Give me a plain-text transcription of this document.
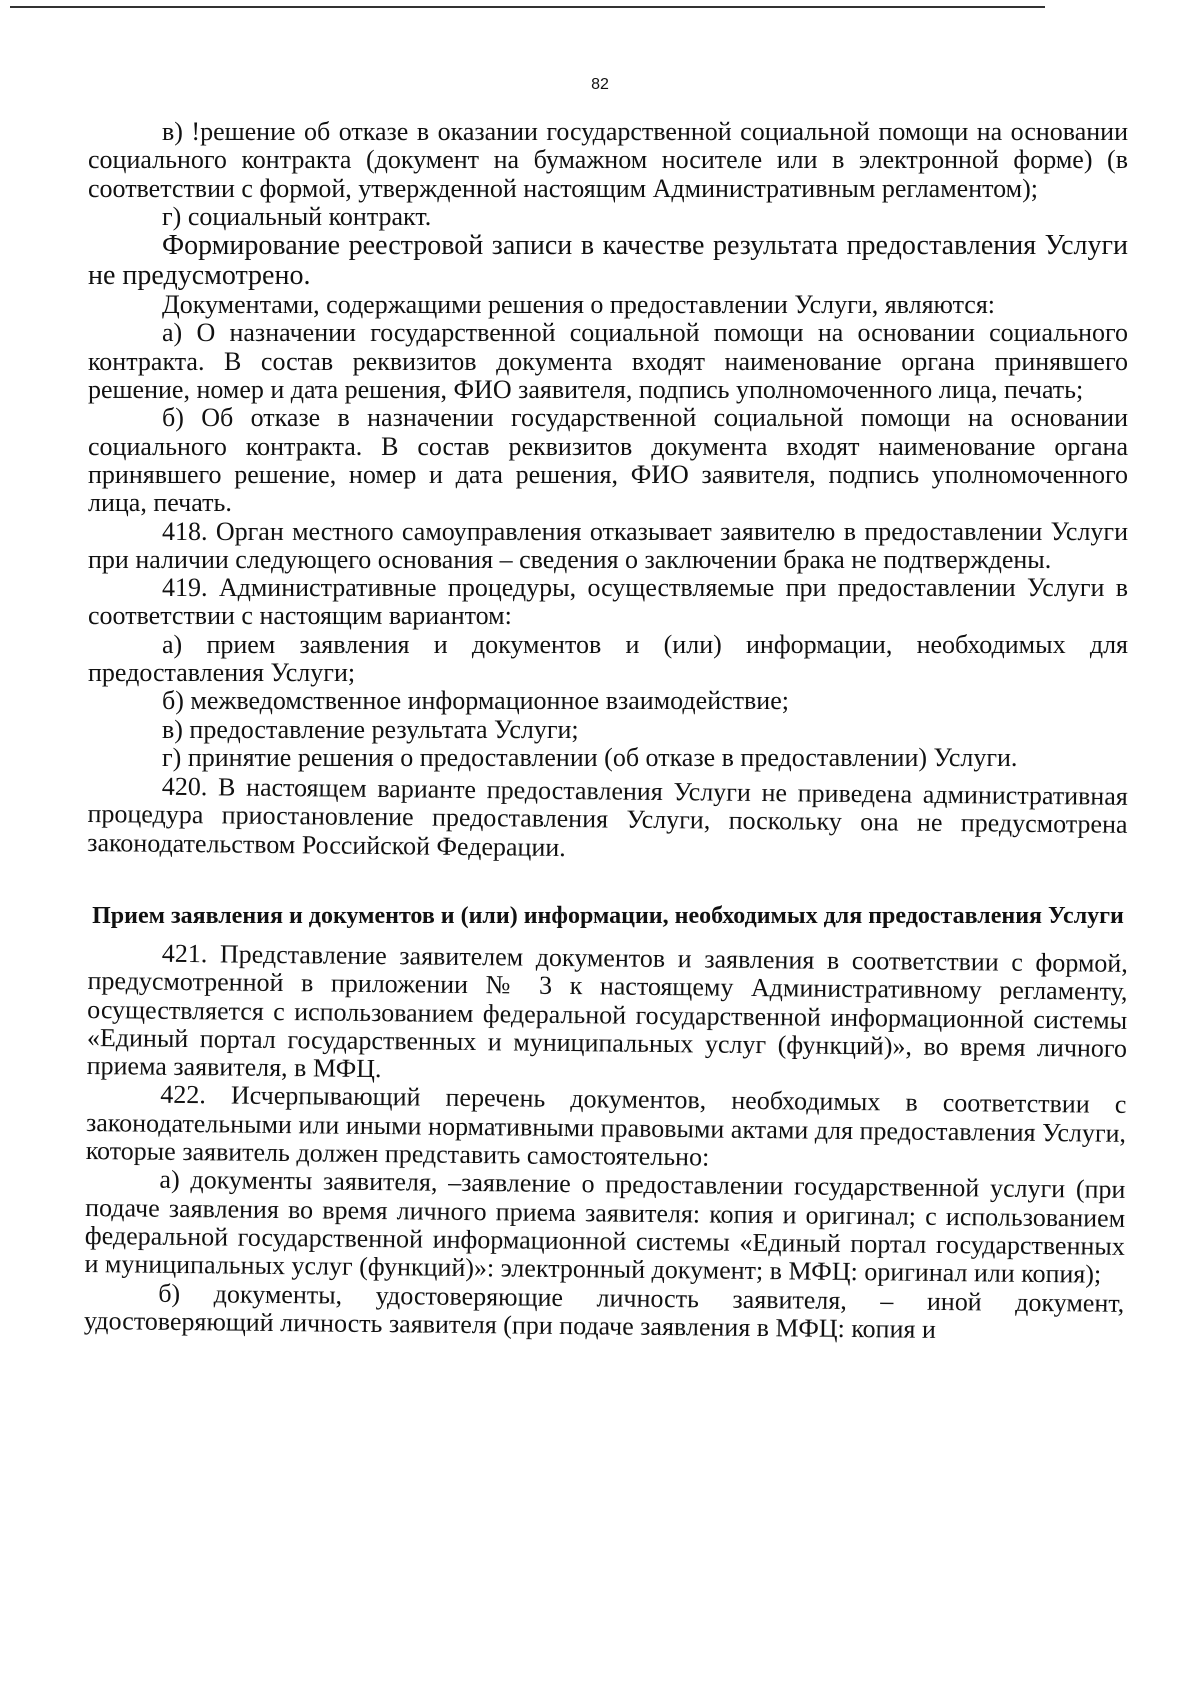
82

в) !решение об отказе в оказании государственной социальной помощи на основании социального контракта (документ на бумажном носителе или в электронной форме) (в соответствии с формой, утвержденной настоящим Административным регламентом);

г) социальный контракт.

Формирование реестровой записи в качестве результата предоставления Услуги не предусмотрено.

Документами, содержащими решения о предоставлении Услуги, являются:

а) О назначении государственной социальной помощи на основании социального контракта. В состав реквизитов документа входят наименование органа принявшего решение, номер и дата решения, ФИО заявителя, подпись уполномоченного лица, печать;

б) Об отказе в назначении государственной социальной помощи на основании социального контракта. В состав реквизитов документа входят наименование органа принявшего решение, номер и дата решения, ФИО заявителя, подпись уполномоченного лица, печать.

418. Орган местного самоуправления отказывает заявителю в предоставлении Услуги при наличии следующего основания – сведения о заключении брака не подтверждены.

419. Административные процедуры, осуществляемые при предоставлении Услуги в соответствии с настоящим вариантом:

а) прием заявления и документов и (или) информации, необходимых для предоставления Услуги;

б) межведомственное информационное взаимодействие;

в) предоставление результата Услуги;

г) принятие решения о предоставлении (об отказе в предоставлении) Услуги.

420. В настоящем варианте предоставления Услуги не приведена административная процедура приостановление предоставления Услуги, поскольку она не предусмотрена законодательством Российской Федерации.

Прием заявления и документов и (или) информации, необходимых для предоставления Услуги

421. Представление заявителем документов и заявления в соответствии с формой, предусмотренной в приложении № 3 к настоящему Административному регламенту, осуществляется с использованием федеральной государственной информационной системы «Единый портал государственных и муниципальных услуг (функций)», во время личного приема заявителя, в МФЦ.

422. Исчерпывающий перечень документов, необходимых в соответствии с законодательными или иными нормативными правовыми актами для предоставления Услуги, которые заявитель должен представить самостоятельно:

а) документы заявителя, –заявление о предоставлении государственной услуги (при подаче заявления во время личного приема заявителя: копия и оригинал; с использованием федеральной государственной информационной системы «Единый портал государственных и муниципальных услуг (функций)»: электронный документ; в МФЦ: оригинал или копия);

б) документы, удостоверяющие личность заявителя, – иной документ, удостоверяющий личность заявителя (при подаче заявления в МФЦ: копия и
